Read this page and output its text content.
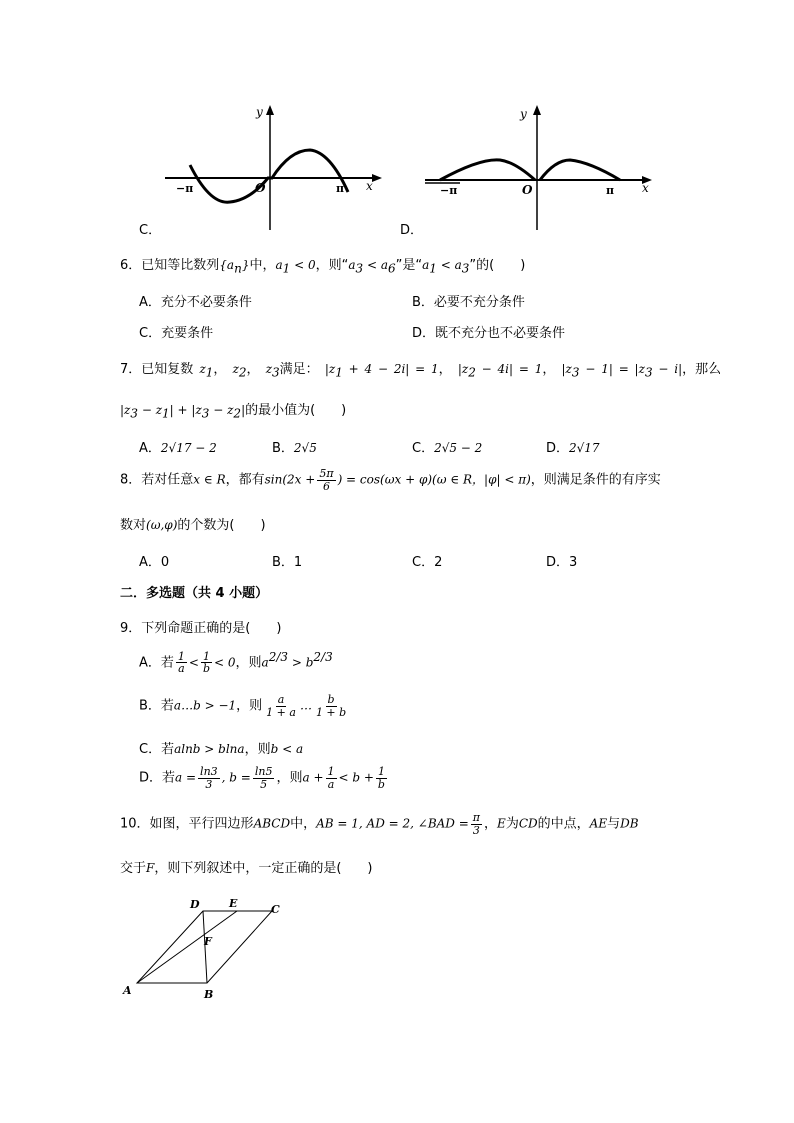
y
x
O
−π	π
C．
y
x
O
−π	π
D．
6．已知等比数列$\{a_n\}$中，$a_1 < 0$，则“$a_3 < a_6$”是“$a_1 < a_3$”的(　　)
A．充分不必要条件	B．必要不充分条件
C．充要条件	D．既不充分也不必要条件
7．已知复数 $z_1$， $z_2$， $z_3$满足： $|z_1 + 4 - 2i| = 1$， $|z_2 - 4i| = 1$， $|z_3 - 1| = |z_3 - i|$，那么
$|z_3 - z_1| + |z_3 - z_2|$的最小值为(　　)
A．2√17 − 2	B．2√5	C．2√5 − 2	D．2√17
8．若对任意x ∈ R，都有$\sin(2x + \frac{5\pi}{6}$ ) = cos(ωx + φ)(ω ∈ R，|φ| < π)，则满足条件的有序实
数对(ω,φ)的个数为(　　)
A．0	B．1	C．2	D．3
二．多选题（共 4 小题）
9．下列命题正确的是(　　)
A．若 $\frac{1}{a} < \frac{1}{b} < 0$，则$a^{2/3} > b^{2/3}$
B．若a…b > −1，则 $\frac{a}{1 + a}$ … $\frac{b}{1 + b}$
C．若alnb > blna，则b < a
D．若$a = \frac{\ln 3}{3}$ , $b = \frac{\ln 5}{5}$ ，则$a + \frac{1}{a} < b + \frac{1}{b}$
10．如图，平行四边形ABCD中，AB = 1, AD = 2, ∠BAD = $\frac{\pi}{3}$ ，E为CD的中点，AE与DB
交于F，则下列叙述中，一定正确的是(　　)
A	B
C
D	E
F
